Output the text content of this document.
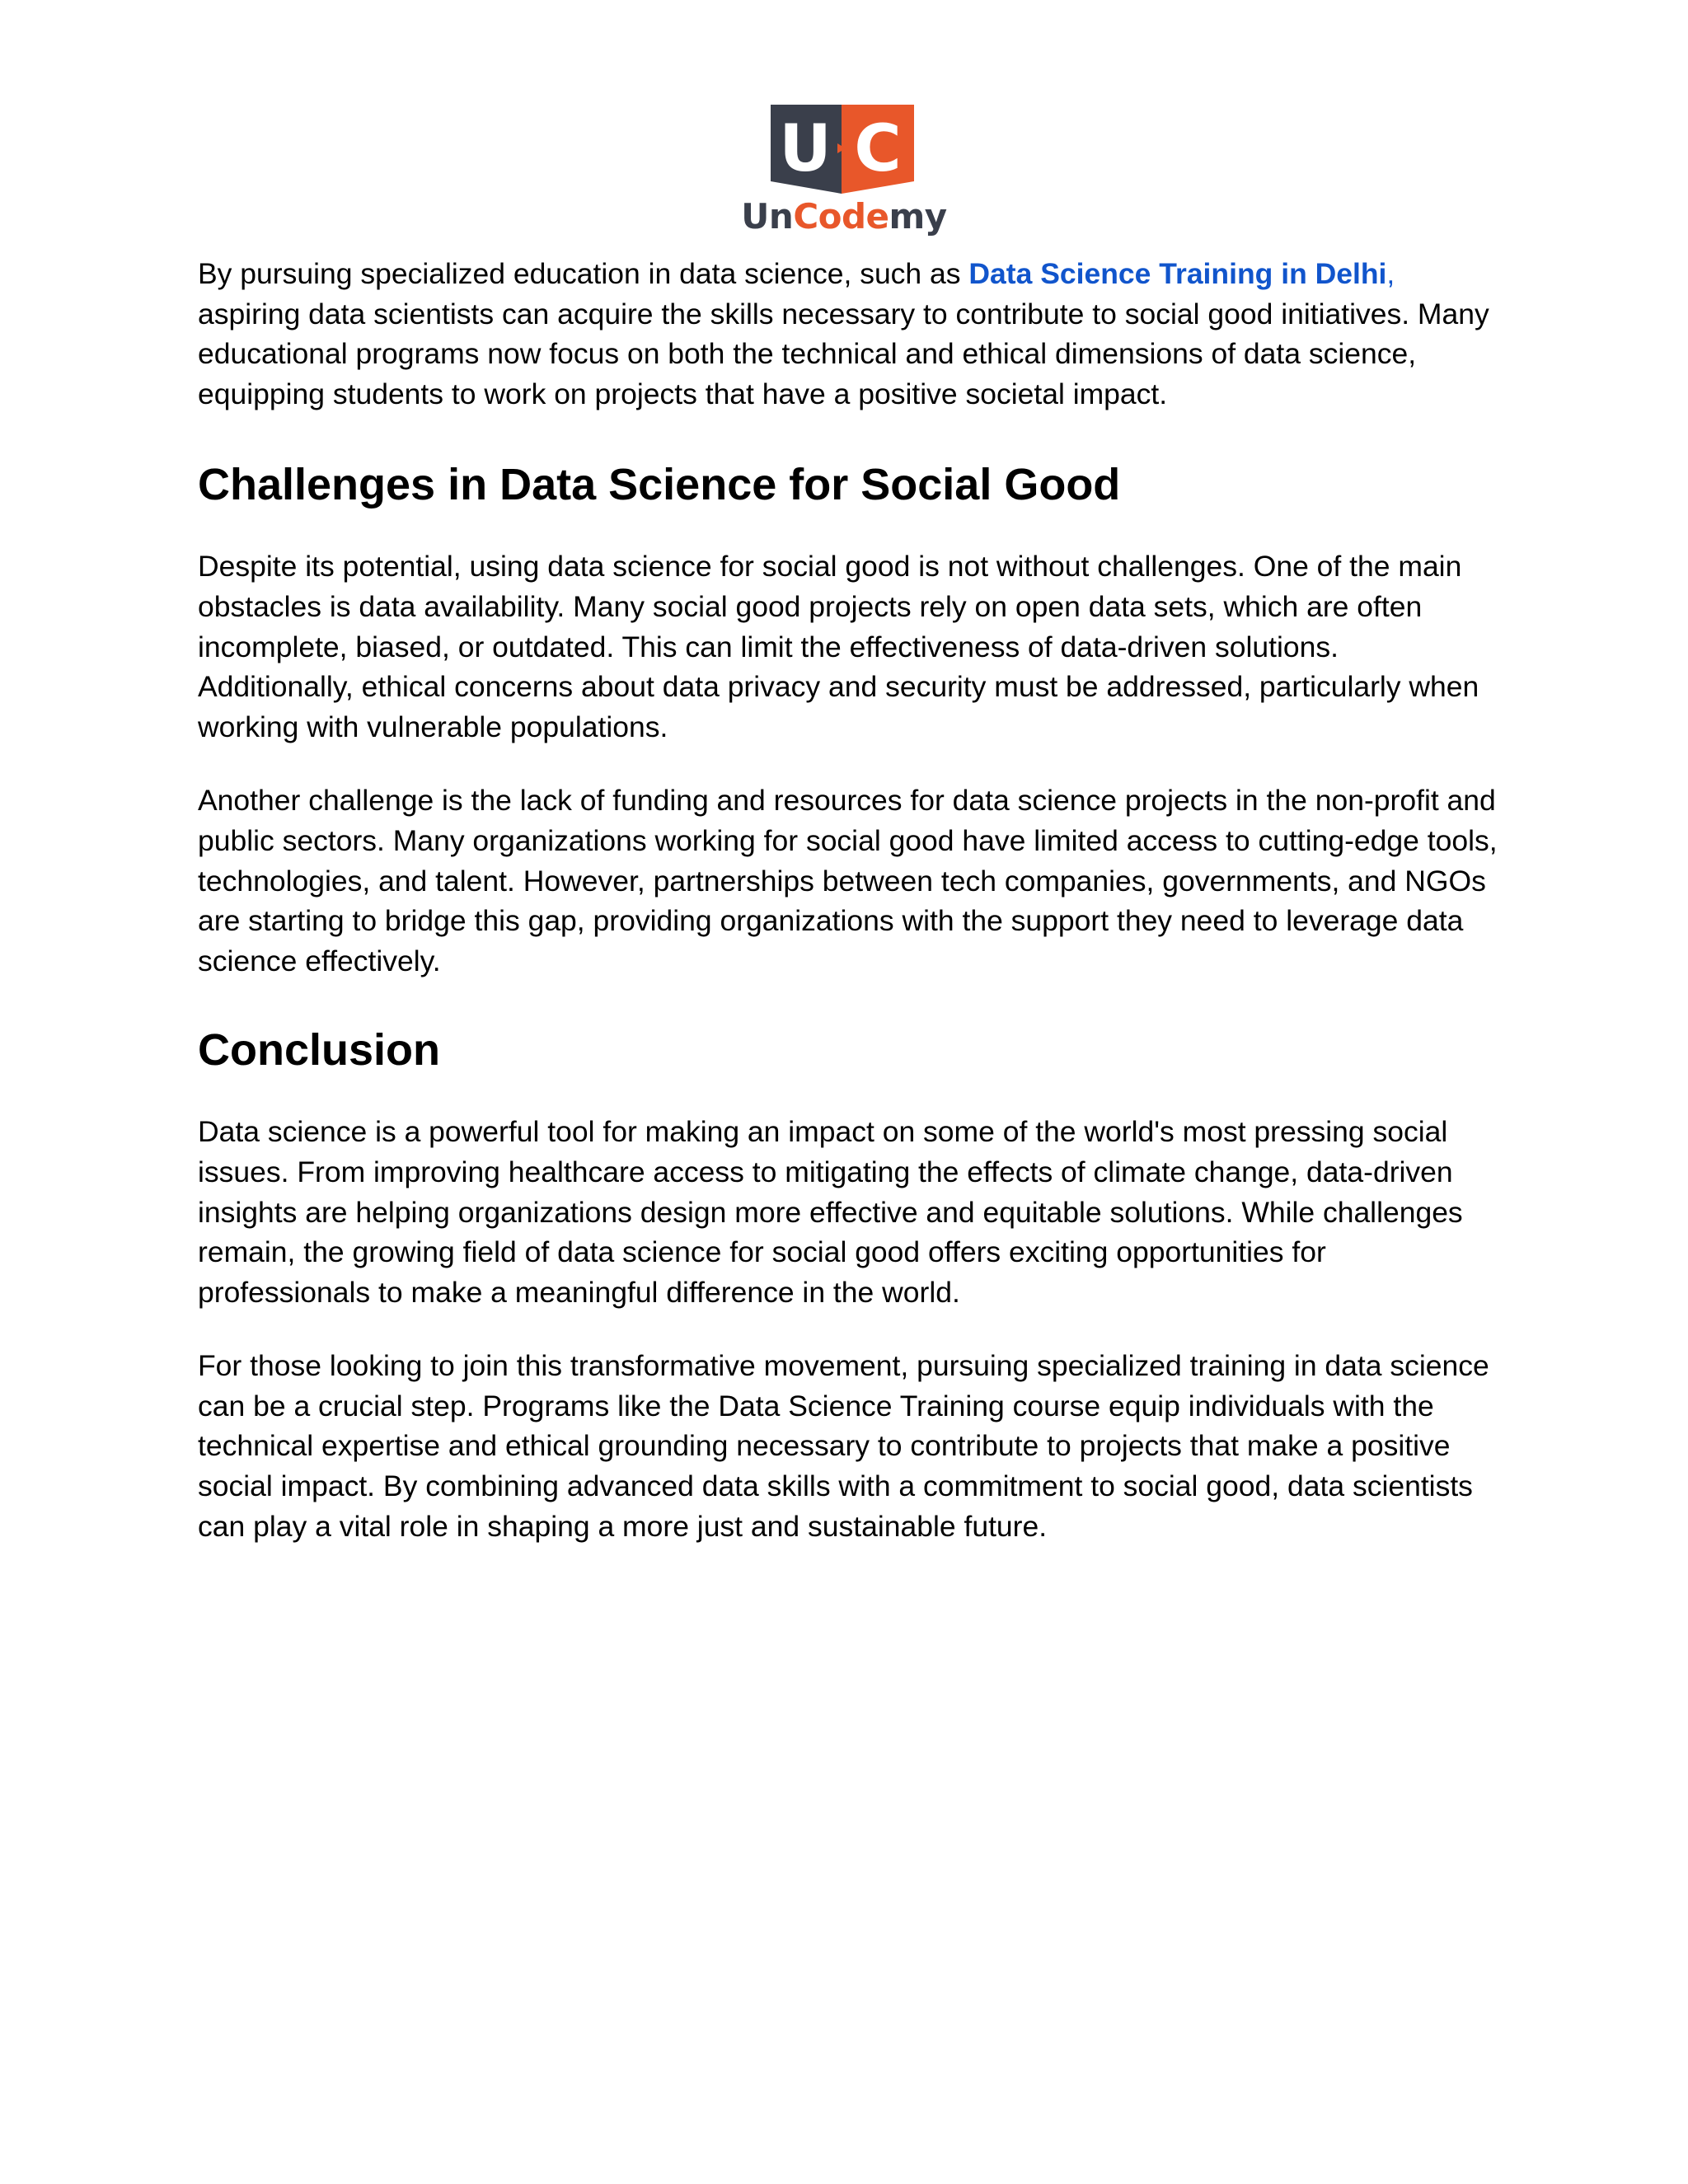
U C
UnCodemy

By pursuing specialized education in data science, such as Data Science Training in Delhi, aspiring data scientists can acquire the skills necessary to contribute to social good initiatives. Many educational programs now focus on both the technical and ethical dimensions of data science, equipping students to work on projects that have a positive societal impact.

Challenges in Data Science for Social Good

Despite its potential, using data science for social good is not without challenges. One of the main obstacles is data availability. Many social good projects rely on open data sets, which are often incomplete, biased, or outdated. This can limit the effectiveness of data-driven solutions. Additionally, ethical concerns about data privacy and security must be addressed, particularly when working with vulnerable populations.

Another challenge is the lack of funding and resources for data science projects in the non-profit and public sectors. Many organizations working for social good have limited access to cutting-edge tools, technologies, and talent. However, partnerships between tech companies, governments, and NGOs are starting to bridge this gap, providing organizations with the support they need to leverage data science effectively.

Conclusion

Data science is a powerful tool for making an impact on some of the world's most pressing social issues. From improving healthcare access to mitigating the effects of climate change, data-driven insights are helping organizations design more effective and equitable solutions. While challenges remain, the growing field of data science for social good offers exciting opportunities for professionals to make a meaningful difference in the world.

For those looking to join this transformative movement, pursuing specialized training in data science can be a crucial step. Programs like the Data Science Training course equip individuals with the technical expertise and ethical grounding necessary to contribute to projects that make a positive social impact. By combining advanced data skills with a commitment to social good, data scientists can play a vital role in shaping a more just and sustainable future.
